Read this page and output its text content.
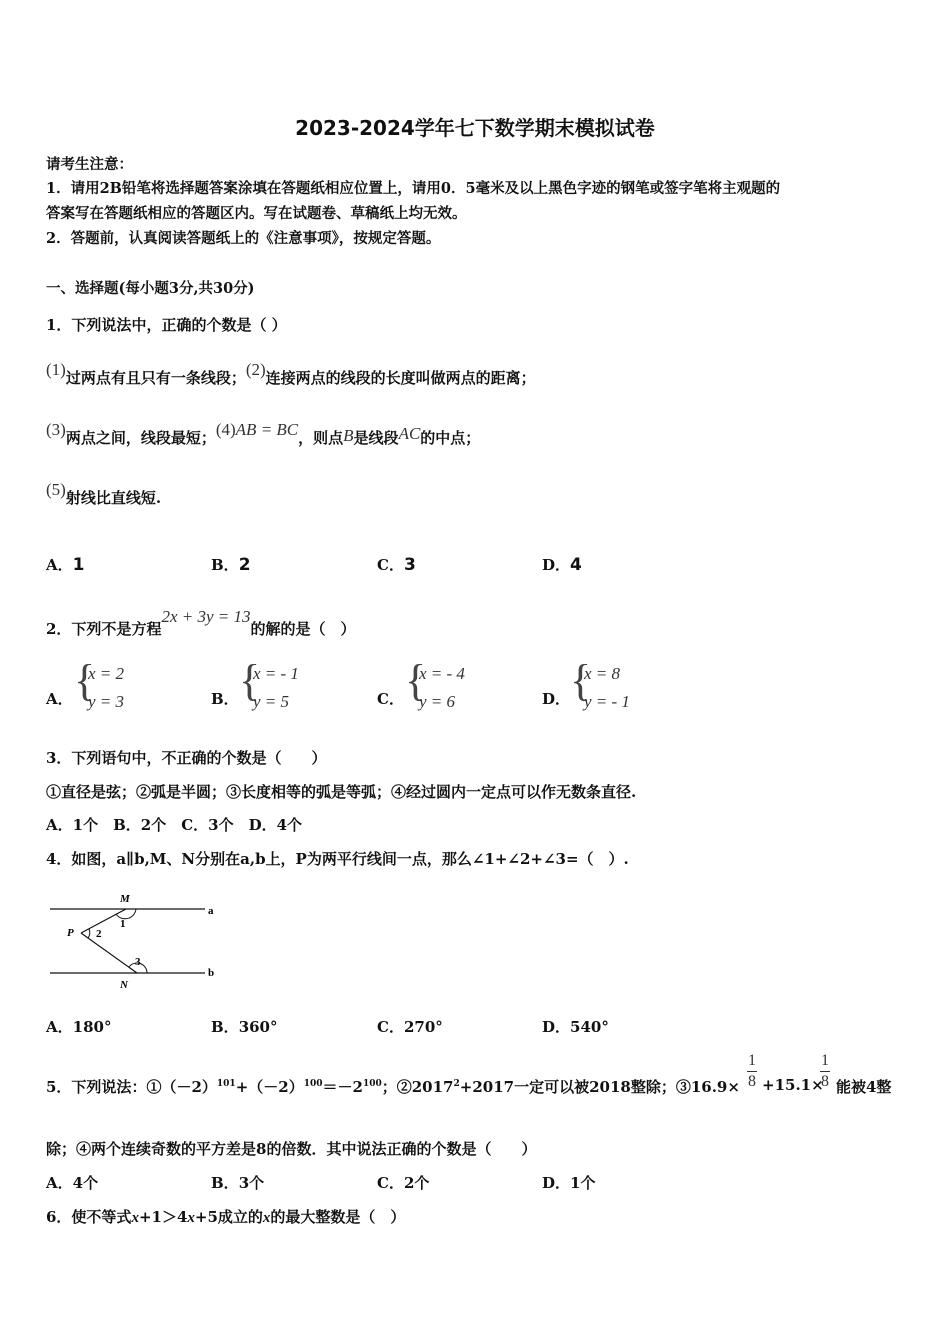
2023-2024学年七下数学期末模拟试卷
请考生注意：
1．请用2B铅笔将选择题答案涂填在答题纸相应位置上，请用0．5毫米及以上黑色字迹的钢笔或签字笔将主观题的
答案写在答题纸相应的答题区内。写在试题卷、草稿纸上均无效。
2．答题前，认真阅读答题纸上的《注意事项》，按规定答题。
一、选择题(每小题3分,共30分)
1．下列说法中，正确的个数是（ ）
(1)过两点有且只有一条线段；(2)连接两点的线段的长度叫做两点的距离；
(3)两点之间，线段最短；(4)AB = BC，则点B是线段AC的中点；
(5)射线比直线短.
A．1	B．2	C．3	D．4
2．下列不是方程2x + 3y = 13的解的是（　）
A． {
x = 2
y = 3	B． {
x = - 1
y = 5	C． {
x = - 4
y = 6	D． {
x = 8
y = - 1
3．下列语句中，不正确的个数是（　　）
①直径是弦；②弧是半圆；③长度相等的弧是等弧；④经过圆内一定点可以作无数条直径.
A．1个　B．2个　C．3个　D．4个
4．如图，a∥b,M、N分别在a,b上，P为两平行线间一点，那么∠1+∠2+∠3=（　）.
M
N
P
a
b
1
2
3
A．180°	B．360°	C．270°	D．540°
5．下列说法：$①(-2)^{101}+(-2)^{100}=-2^{100}$；$②2017^2+2017$一定可以被2018整除；③16.9×
1
8 +15.1×
1
8 能被4整
除；④两个连续奇数的平方差是8的倍数．其中说法正确的个数是（　　）
A．4个	B．3个	C．2个	D．1个
6．使不等式x+1＞4x+5成立的x的最大整数是（　）
